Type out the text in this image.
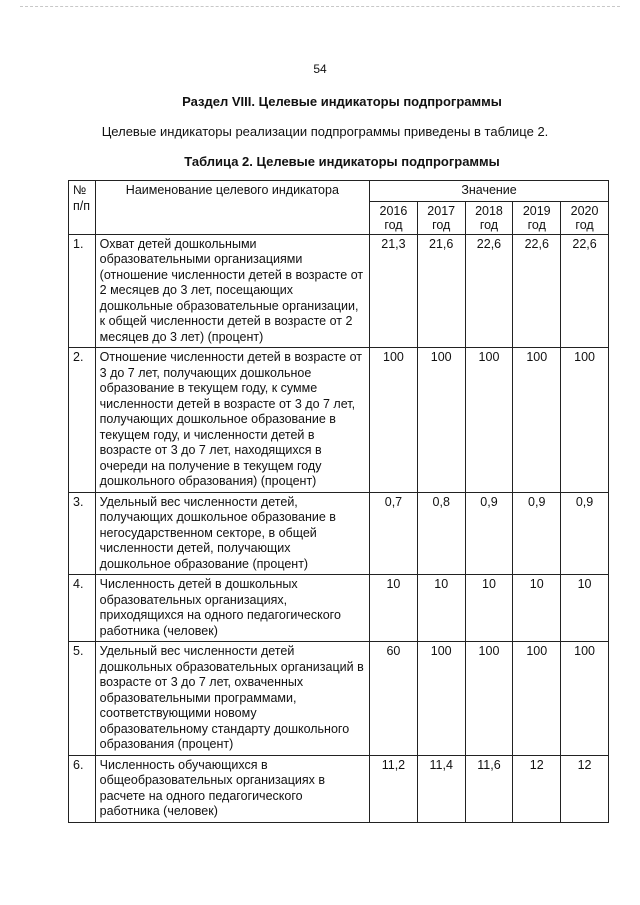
54
Раздел VIII. Целевые индикаторы подпрограммы
Целевые индикаторы реализации подпрограммы приведены в таблице 2.
Таблица 2. Целевые индикаторы подпрограммы
№ п/п	Наименование целевого индикатора	Значение				
		2016 год	2017 год	2018 год	2019 год	2020 год
1.	Охват детей дошкольными образовательными организациями (отношение численности детей в возрасте от 2 месяцев до 3 лет, посещающих дошкольные образовательные организации, к общей численности детей в возрасте от 2 месяцев до 3 лет) (процент)	21,3	21,6	22,6	22,6	22,6
2.	Отношение численности детей в возрасте от 3 до 7 лет, получающих дошкольное образование в текущем году, к сумме численности детей в возрасте от 3 до 7 лет, получающих дошкольное образование в текущем году, и численности детей в возрасте от 3 до 7 лет, находящихся в очереди на получение в текущем году дошкольного образования) (процент)	100	100	100	100	100
3.	Удельный вес численности детей, получающих дошкольное образование в негосударственном секторе, в общей численности детей, получающих дошкольное образование (процент)	0,7	0,8	0,9	0,9	0,9
4.	Численность детей в дошкольных образовательных организациях, приходящихся на одного педагогического работника (человек)	10	10	10	10	10
5.	Удельный вес численности детей дошкольных образовательных организаций в возрасте от 3 до 7 лет, охваченных образовательными программами, соответствующими новому образовательному стандарту дошкольного образования (процент)	60	100	100	100	100
6.	Численность обучающихся в общеобразовательных организациях в расчете на одного педагогического работника (человек)	11,2	11,4	11,6	12	12
